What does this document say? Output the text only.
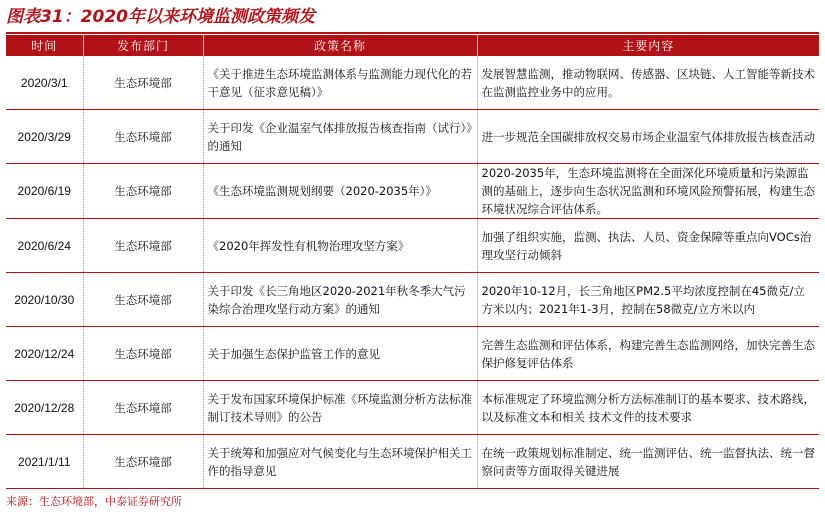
图表31：2020年以来环境监测政策频发
时间	发布部门	政策名称	主要内容
2020/3/1	生态环境部	《关于推进生态环境监测体系与监测能力现代化的若干意见（征求意见稿）》	发展智慧监测，推动物联网、传感器、区块链、人工智能等新技术在监测监控业务中的应用。
2020/3/29	生态环境部	关于印发《企业温室气体排放报告核查指南（试行）》的通知	进一步规范全国碳排放权交易市场企业温室气体排放报告核查活动
2020/6/19	生态环境部	《生态环境监测规划纲要（2020-2035年）》	2020-2035年，生态环境监测将在全面深化环境质量和污染源监测的基础上，逐步向生态状况监测和环境风险预警拓展，构建生态环境状况综合评估体系。
2020/6/24	生态环境部	《2020年挥发性有机物治理攻坚方案》	加强了组织实施，监测、执法、人员、资金保障等重点向VOCs治理攻坚行动倾斜
2020/10/30	生态环境部	关于印发《长三角地区2020-2021年秋冬季大气污染综合治理攻坚行动方案》的通知	2020年10-12月，长三角地区PM2.5平均浓度控制在45微克/立方米以内；2021年1-3月，控制在58微克/立方米以内
2020/12/24	生态环境部	关于加强生态保护监管工作的意见	完善生态监测和评估体系，构建完善生态监测网络，加快完善生态保护修复评估体系
2020/12/28	生态环境部	关于发布国家环境保护标准《环境监测分析方法标准制订技术导则》的公告	本标准规定了环境监测分析方法标准制订的基本要求、技术路线，以及标准文本和相关 技术文件的技术要求
2021/1/11	生态环境部	关于统筹和加强应对气候变化与生态环境保护相关工作的指导意见	在统一政策规划标准制定、统一监测评估、统一监督执法、统一督察问责等方面取得关键进展
来源：生态环境部，中泰证券研究所
